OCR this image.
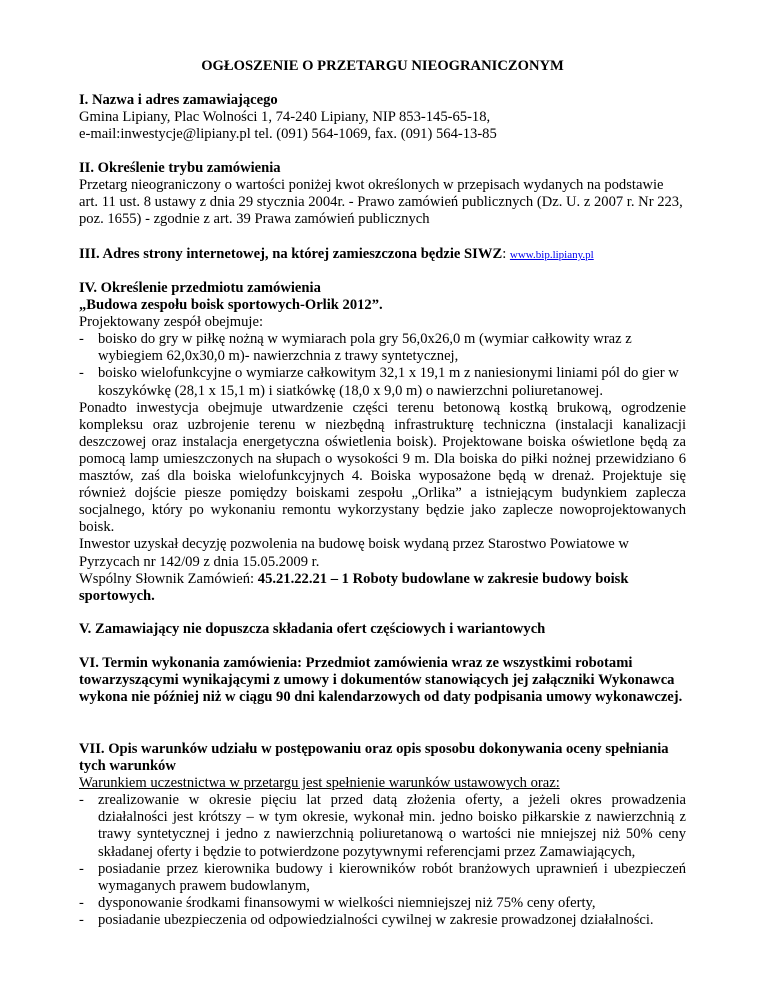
OGŁOSZENIE O PRZETARGU NIEOGRANICZONYM

I. Nazwa i adres zamawiającego

Gmina Lipiany, Plac Wolności 1, 74-240 Lipiany, NIP 853-145-65-18,

e-mail:inwestycje@lipiany.pl tel. (091) 564-1069, fax. (091) 564-13-85

II. Określenie trybu zamówienia

Przetarg nieograniczony o wartości poniżej kwot określonych w przepisach wydanych na podstawie art. 11 ust. 8 ustawy z dnia 29 stycznia 2004r. - Prawo zamówień publicznych (Dz. U. z 2007 r. Nr 223, poz. 1655) - zgodnie z art. 39 Prawa zamówień publicznych

III. Adres strony internetowej, na której zamieszczona będzie SIWZ: www.bip.lipiany.pl

IV. Określenie przedmiotu zamówienia

„Budowa zespołu boisk sportowych-Orlik 2012”.

Projektowany zespół obejmuje:

- boisko do gry w piłkę nożną w wymiarach pola gry 56,0x26,0 m (wymiar całkowity wraz z wybiegiem 62,0x30,0 m)- nawierzchnia z trawy syntetycznej,

- boisko wielofunkcyjne o wymiarze całkowitym 32,1 x 19,1 m z naniesionymi liniami pól do gier w koszykówkę (28,1 x 15,1 m) i siatkówkę (18,0 x 9,0 m) o nawierzchni poliuretanowej.

Ponadto inwestycja obejmuje utwardzenie części terenu betonową kostką brukową, ogrodzenie kompleksu oraz uzbrojenie terenu w niezbędną infrastrukturę techniczna (instalacji kanalizacji deszczowej oraz instalacja energetyczna oświetlenia boisk). Projektowane boiska oświetlone będą za pomocą lamp umieszczonych na słupach o wysokości 9 m. Dla boiska do piłki nożnej przewidziano 6 masztów, zaś dla boiska wielofunkcyjnych 4. Boiska wyposażone będą w drenaż. Projektuje się również dojście piesze pomiędzy boiskami zespołu „Orlika” a istniejącym budynkiem zaplecza socjalnego, który po wykonaniu remontu wykorzystany będzie jako zaplecze nowoprojektowanych boisk.

Inwestor uzyskał decyzję pozwolenia na budowę boisk wydaną przez Starostwo Powiatowe w Pyrzycach nr 142/09 z dnia 15.05.2009 r.

Wspólny Słownik Zamówień: 45.21.22.21 – 1 Roboty budowlane w zakresie budowy boisk sportowych.

V. Zamawiający nie dopuszcza składania ofert częściowych i wariantowych

VI. Termin wykonania zamówienia: Przedmiot zamówienia wraz ze wszystkimi robotami towarzyszącymi wynikającymi z umowy i dokumentów stanowiących jej załączniki Wykonawca wykona nie później niż w ciągu 90 dni kalendarzowych od daty podpisania umowy wykonawczej.

VII. Opis warunków udziału w postępowaniu oraz opis sposobu dokonywania oceny spełniania tych warunków

Warunkiem uczestnictwa w przetargu jest spełnienie warunków ustawowych oraz:

- zrealizowanie w okresie pięciu lat przed datą złożenia oferty, a jeżeli okres prowadzenia działalności jest krótszy – w tym okresie, wykonał min. jedno boisko piłkarskie z nawierzchnią z trawy syntetycznej i jedno z nawierzchnią poliuretanową o wartości nie mniejszej niż 50% ceny składanej oferty i będzie to potwierdzone pozytywnymi referencjami przez Zamawiających,

- posiadanie przez kierownika budowy i kierowników robót branżowych uprawnień i ubezpieczeń wymaganych prawem budowlanym,

- dysponowanie środkami finansowymi w wielkości niemniejszej niż 75% ceny oferty,

- posiadanie ubezpieczenia od odpowiedzialności cywilnej w zakresie prowadzonej działalności.
